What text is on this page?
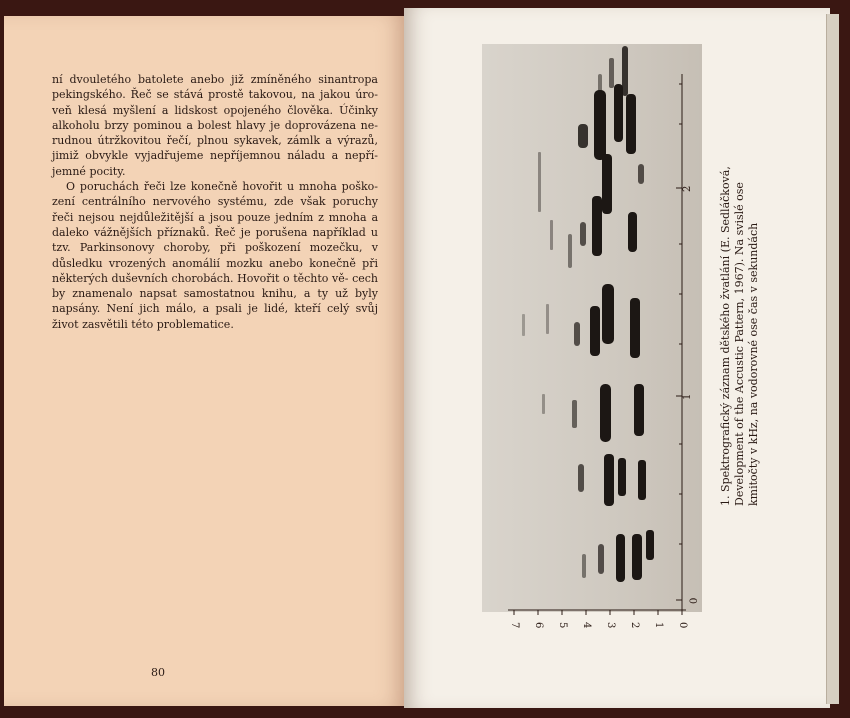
ní dvouletého batolete anebo již zmíněného sinantropa pekingského. Řeč se stává prostě takovou, na jakou úro- veň klesá myšlení a lidskost opojeného člověka. Účinky alkoholu brzy pominou a bolest hlavy je doprovázena ne- rudnou útržkovitou řečí, plnou sykavek, zámlk a výrazů, jimiž obvykle vyjadřujeme nepříjemnou náladu a nepří- jemné pocity.

O poruchách řeči lze konečně hovořit u mnoha poško- zení centrálního nervového systému, zde však poruchy řeči nejsou nejdůležitější a jsou pouze jedním z mnoha a daleko vážnějších příznaků. Řeč je porušena například u tzv. Parkinsonovy choroby, při poškození mozečku, v důsledku vrozených anomálií mozku anebo konečně při některých duševních chorobách. Hovořit o těchto vě- cech by znamenalo napsat samostatnou knihu, a ty už byly napsány. Není jich málo, a psali je lidé, kteří celý svůj život zasvětili této problematice.

80
2
1
0
7 6 5 4 3 2 1 0
1. Spektrografický záznam dětského žvatlání (E. Sedláčková, Development of the Accustic Pattern, 1967). Na svislé ose kmitočty v kHz, na vodorovné ose čas v sekundách
